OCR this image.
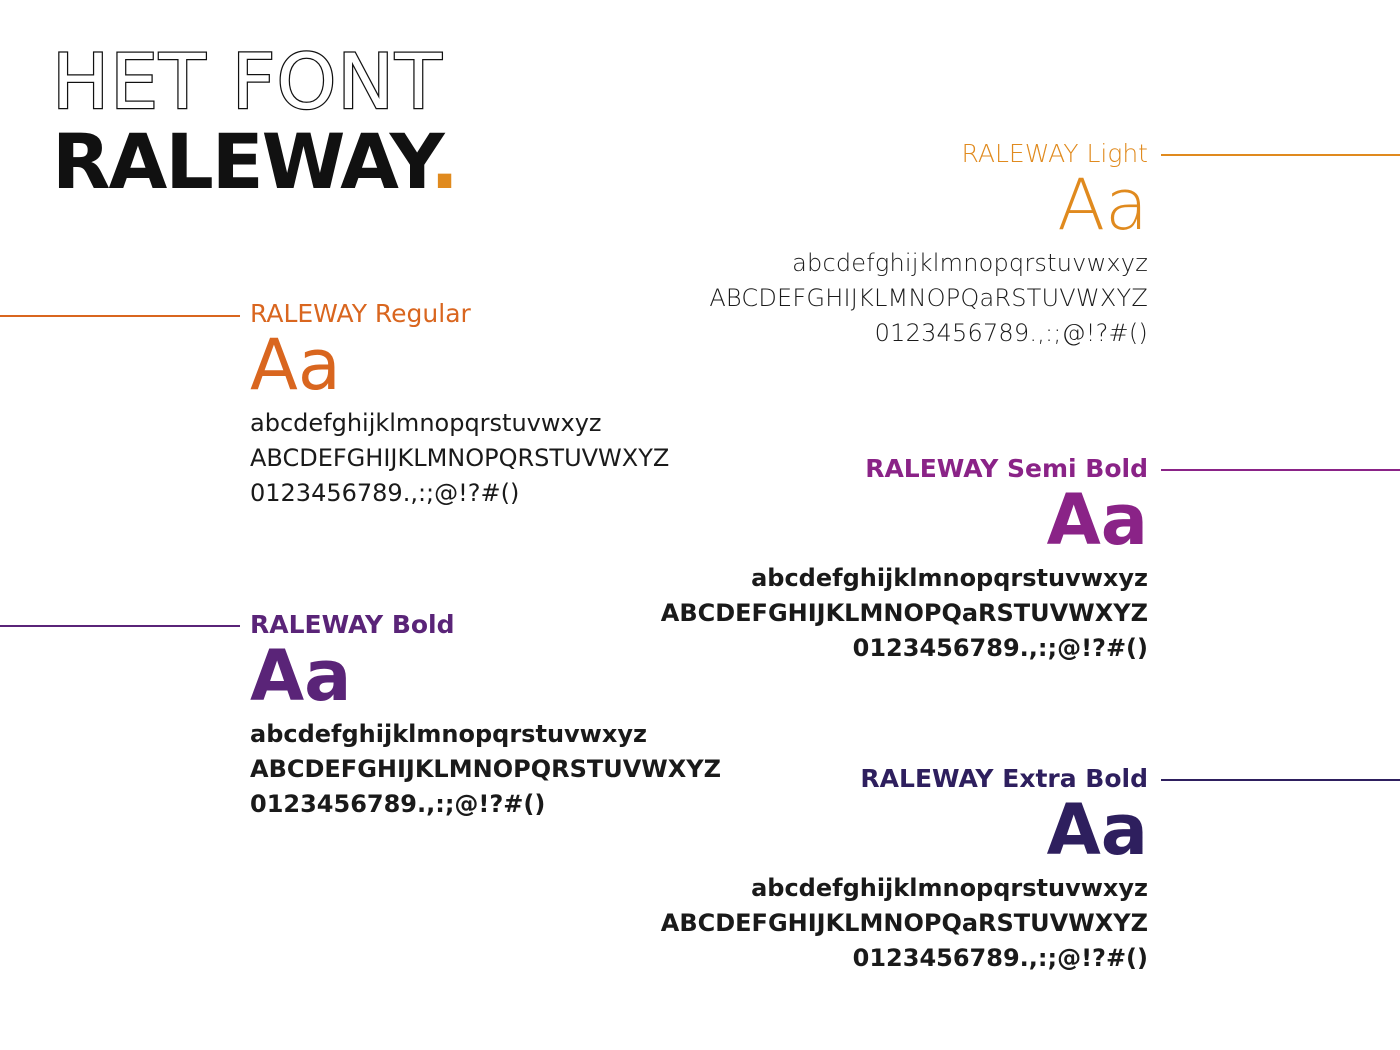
HET FONT
RALEWAY.	RALEWAY Light
Aa
abcdefghijklmnopqrstuvwxyz
ABCDEFGHIJKLMNOPQaRSTUVWXYZ
0123456789.,:;@!?#()
RALEWAY Regular
Aa
abcdefghijklmnopqrstuvwxyz
ABCDEFGHIJKLMNOPQRSTUVWXYZ
0123456789.,:;@!?#()
RALEWAY Semi Bold
Aa
abcdefghijklmnopqrstuvwxyz
ABCDEFGHIJKLMNOPQaRSTUVWXYZ
0123456789.,:;@!?#()
RALEWAY Bold
Aa
abcdefghijklmnopqrstuvwxyz
ABCDEFGHIJKLMNOPQRSTUVWXYZ
0123456789.,:;@!?#()
RALEWAY Extra Bold
Aa
abcdefghijklmnopqrstuvwxyz
ABCDEFGHIJKLMNOPQaRSTUVWXYZ
0123456789.,:;@!?#()
